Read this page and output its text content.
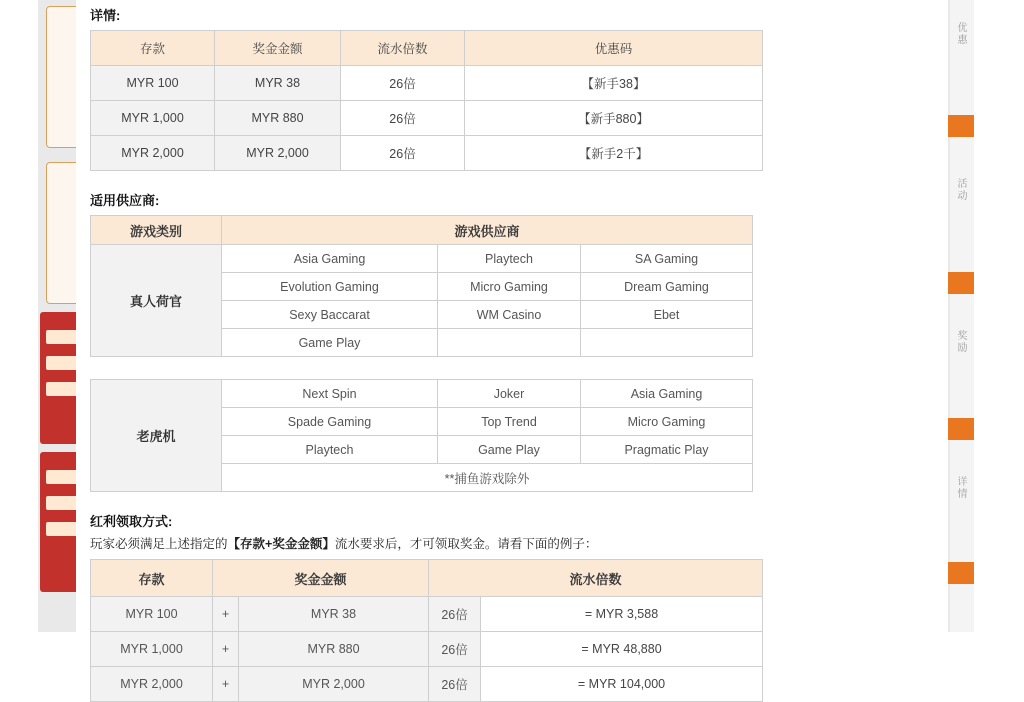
优惠
活动
奖励
详情
详情:
存款	奖金金额	流水倍数	优惠码
MYR 100	MYR 38	26倍	【新手38】
MYR 1,000	MYR 880	26倍	【新手880】
MYR 2,000	MYR 2,000	26倍	【新手2千】
适用供应商:
游戏类别	游戏供应商		
真人荷官	Asia Gaming	Playtech	SA Gaming
	Evolution Gaming	Micro Gaming	Dream Gaming
	Sexy Baccarat	WM Casino	Ebet
	Game Play		
老虎机	Next Spin	Joker	Asia Gaming
	Spade Gaming	Top Trend	Micro Gaming
	Playtech	Game Play	Pragmatic Play
	**捕鱼游戏除外		
红利领取方式:
玩家必须满足上述指定的【存款+奖金金额】流水要求后，才可领取奖金。请看下面的例子：
存款	奖金金额		流水倍数	
MYR 100	+	MYR 38	26倍	= MYR 3,588
MYR 1,000	+	MYR 880	26倍	= MYR 48,880
MYR 2,000	+	MYR 2,000	26倍	= MYR 104,000
